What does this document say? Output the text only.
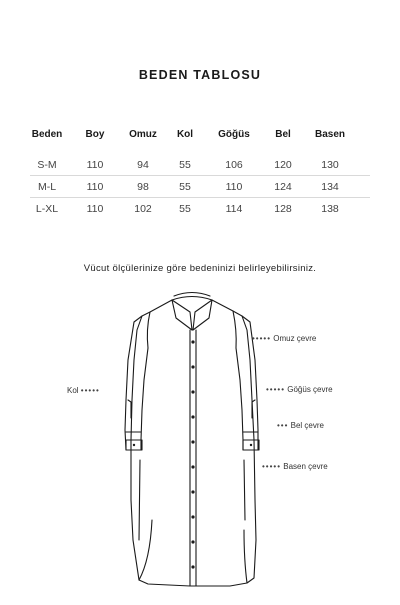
BEDEN TABLOSU
Beden	Boy	Omuz	Kol	Göğüs	Bel	Basen
S-M	110	94	55	106	120	130
M-L	110	98	55	110	124	134
L-XL	110	102	55	114	128	138
Vücut ölçülerinize göre bedeninizi belirleyebilirsiniz.
••••• Omuz çevre
••••• Göğüs çevre
••• Bel çevre
••••• Basen çevre
Kol •••••
